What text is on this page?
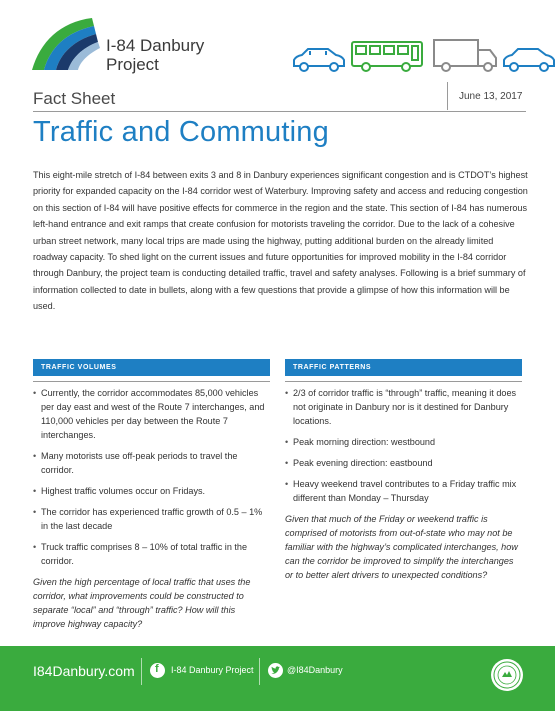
I-84 Danbury
Project
Fact Sheet	June 13, 2017
Traffic and Commuting

This eight-mile stretch of I-84 between exits 3 and 8 in Danbury experiences significant congestion and is CTDOT’s highest priority for expanded capacity on the I-84 corridor west of Waterbury. Improving safety and access and reducing congestion on this section of I-84 will have positive effects for commerce in the region and the state. This section of I-84 has numerous left-hand entrance and exit ramps that create confusion for motorists traveling the corridor. Due to the lack of a cohesive urban street network, many local trips are made using the highway, putting additional burden on the already limited roadway capacity. To shed light on the current issues and future opportunities for improved mobility in the I-84 corridor through Danbury, the project team is conducting detailed traffic, travel and safety analyses. Following is a brief summary of information collected to date in bullets, along with a few questions that provide a glimpse of how this information will be used.

TRAFFIC VOLUMES
• Currently, the corridor accommodates 85,000 vehicles per day east and west of the Route 7 interchanges, and 110,000 vehicles per day between the Route 7 interchanges.
• Many motorists use off-peak periods to travel the corridor.
• Highest traffic volumes occur on Fridays.
• The corridor has experienced traffic growth of 0.5 – 1% in the last decade
• Truck traffic comprises 8 – 10% of total traffic in the corridor.

Given the high percentage of local traffic that uses the corridor, what improvements could be constructed to separate “local” and “through” traffic? How will this improve highway capacity?

TRAFFIC PATTERNS
• 2/3 of corridor traffic is “through” traffic, meaning it does not originate in Danbury nor is it destined for Danbury locations.
• Peak morning direction: westbound
• Peak evening direction: eastbound
• Heavy weekend travel contributes to a Friday traffic mix different than Monday – Thursday

Given that much of the Friday or weekend traffic is comprised of motorists from out-of-state who may not be familiar with the highway’s complicated interchanges, how can the corridor be improved to simplify the interchanges or to better alert drivers to unexpected conditions?

I84Danbury.com f I-84 Danbury Project	@I84Danbury
